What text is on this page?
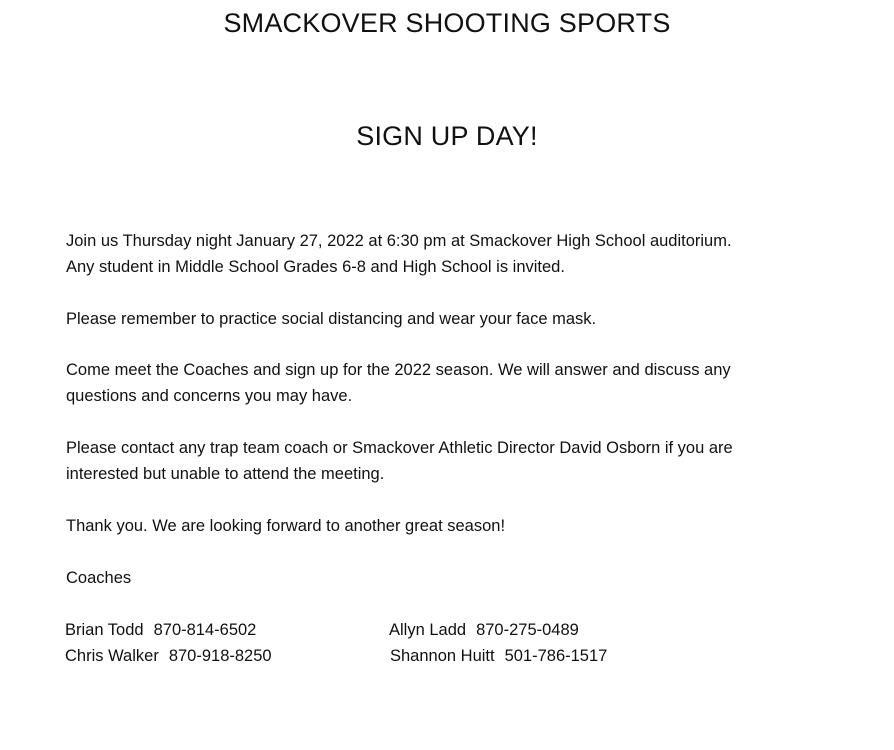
SMACKOVER SHOOTING SPORTS
SIGN UP DAY!
Join us Thursday night January 27, 2022 at 6:30 pm at Smackover High School auditorium.
Any student in Middle School Grades 6-8 and High School is invited.
Please remember to practice social distancing and wear your face mask.
Come meet the Coaches and sign up for the 2022 season. We will answer and discuss any
questions and concerns you may have.
Please contact any trap team coach or Smackover Athletic Director David Osborn if you are
interested but unable to attend the meeting.
Thank you. We are looking forward to another great season!
Coaches
Brian Todd 870-814-6502
Chris Walker 870-918-8250
Allyn Ladd 870-275-0489
Shannon Huitt 501-786-1517
